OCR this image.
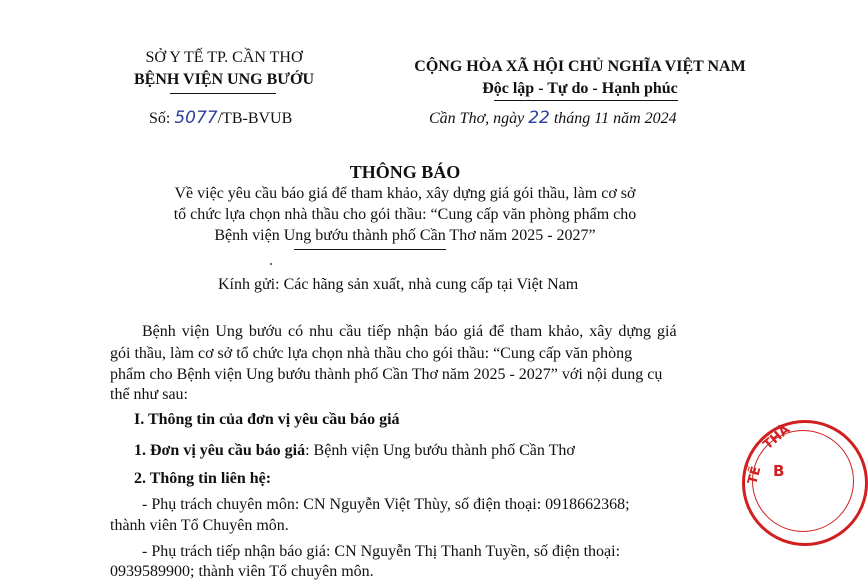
SỞ Y TẾ TP. CẦN THƠ
BỆNH VIỆN UNG BƯỚU
Số: 5077/TB-BVUB
CỘNG HÒA XÃ HỘI CHỦ NGHĨA VIỆT NAM
Độc lập - Tự do - Hạnh phúc
Cần Thơ, ngày 22 tháng 11 năm 2024
THÔNG BÁO
Về việc yêu cầu báo giá để tham khảo, xây dựng giá gói thầu, làm cơ sở
tổ chức lựa chọn nhà thầu cho gói thầu: “Cung cấp văn phòng phẩm cho
Bệnh viện Ung bướu thành phố Cần Thơ năm 2025 - 2027”
Kính gửi: Các hãng sản xuất, nhà cung cấp tại Việt Nam
Bệnh viện Ung bướu có nhu cầu tiếp nhận báo giá để tham khảo, xây dựng giá
gói thầu, làm cơ sở tổ chức lựa chọn nhà thầu cho gói thầu: “Cung cấp văn phòng
phẩm cho Bệnh viện Ung bướu thành phố Cần Thơ năm 2025 - 2027” với nội dung cụ
thể như sau:
I. Thông tin của đơn vị yêu cầu báo giá
1. Đơn vị yêu cầu báo giá: Bệnh viện Ung bướu thành phố Cần Thơ
2. Thông tin liên hệ:
- Phụ trách chuyên môn: CN Nguyễn Việt Thùy, số điện thoại: 0918662368;
thành viên Tổ Chuyên môn.
- Phụ trách tiếp nhận báo giá: CN Nguyễn Thị Thanh Tuyền, số điện thoại:
0939589900; thành viên Tổ chuyên môn.
THÀ
TẾ B
